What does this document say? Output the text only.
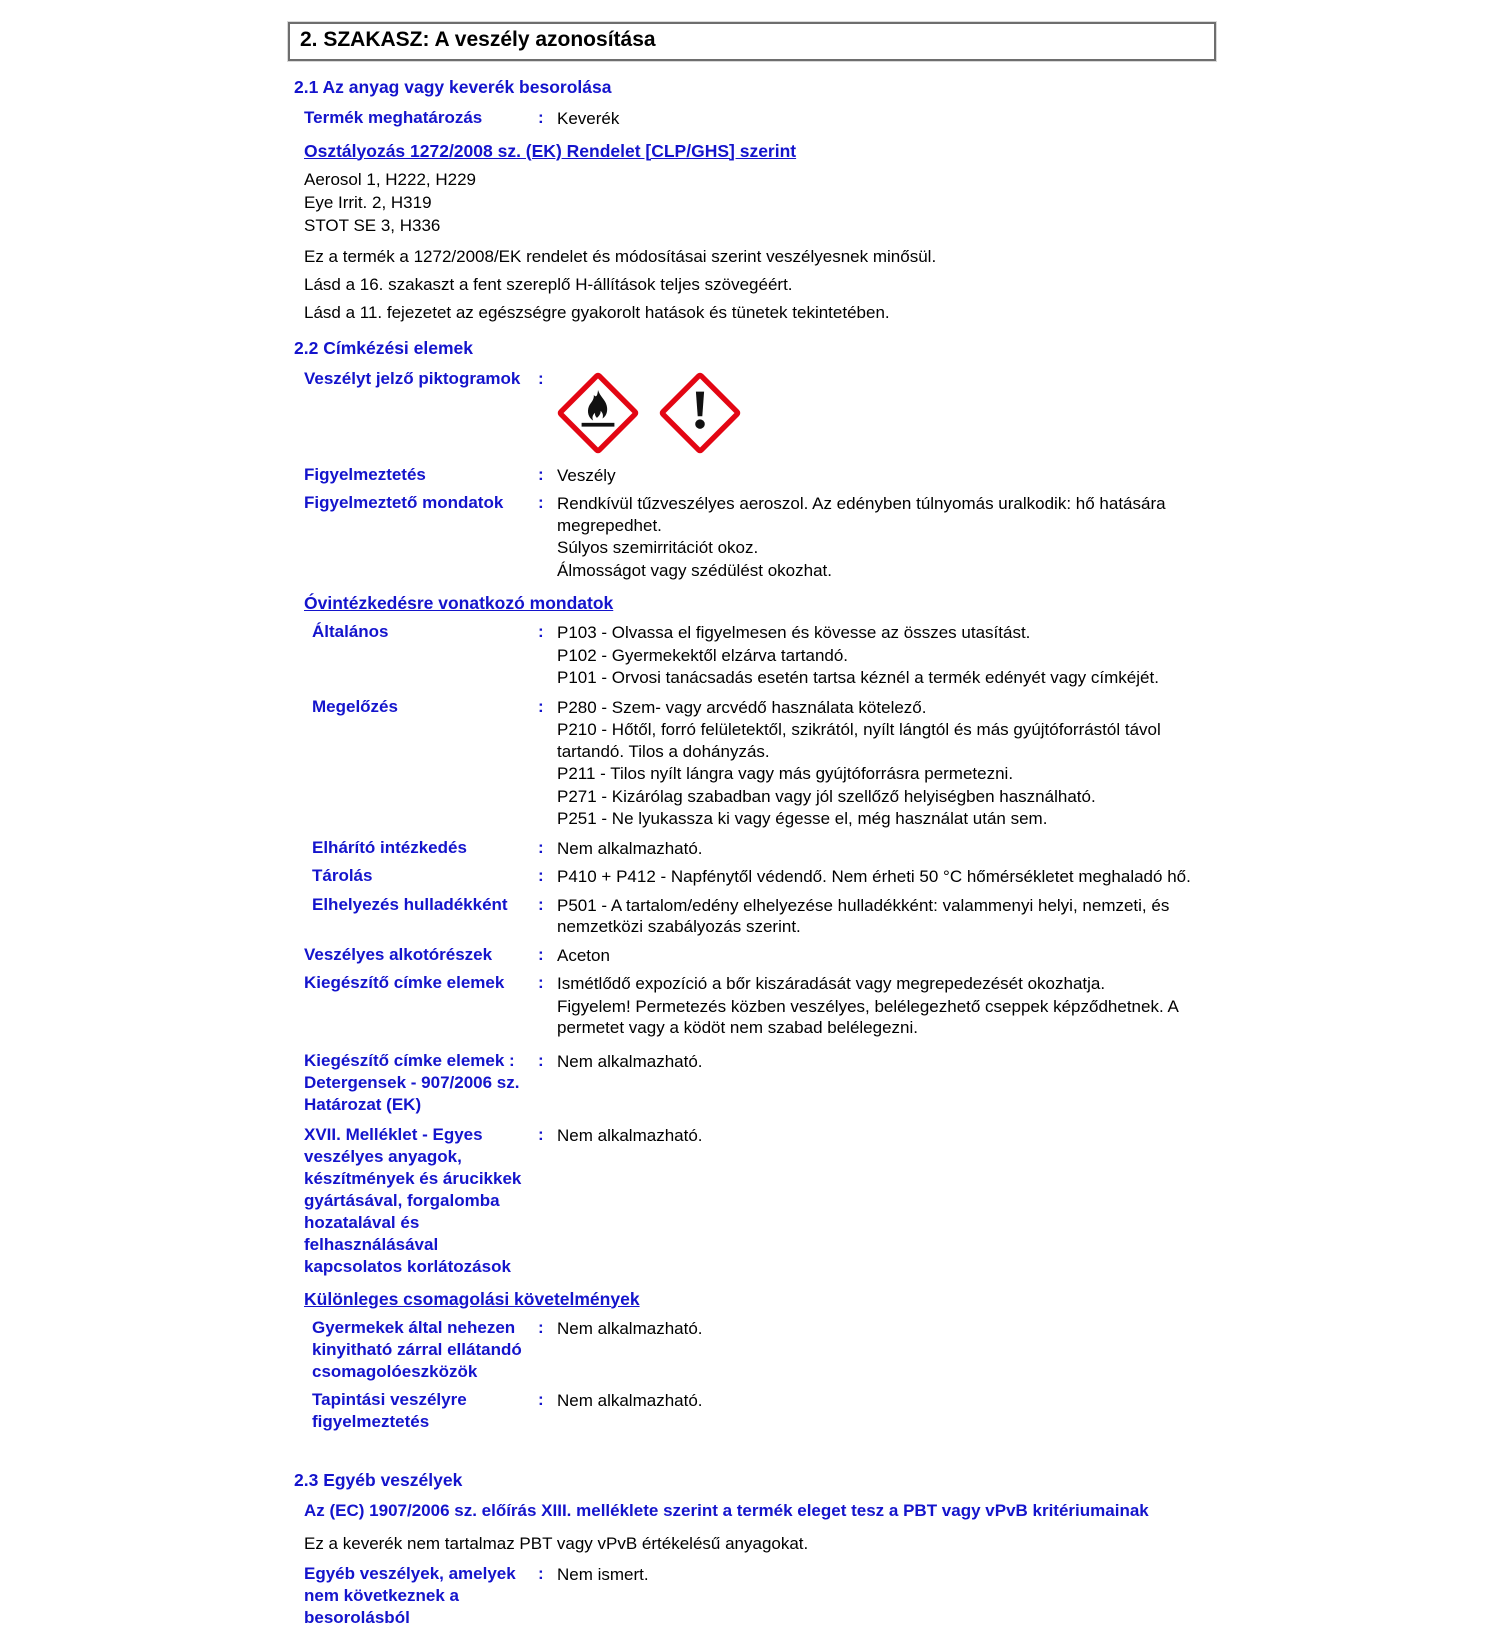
2. SZAKASZ: A veszély azonosítása
2.1 Az anyag vagy keverék besorolása
Termék meghatározás	: Keverék
Osztályozás 1272/2008 sz. (EK) Rendelet [CLP/GHS] szerint
Aerosol 1, H222, H229
Eye Irrit. 2, H319
STOT SE 3, H336
Ez a termék a 1272/2008/EK rendelet és módosításai szerint veszélyesnek minősül.
Lásd a 16. szakaszt a fent szereplő H-állítások teljes szövegéért.
Lásd a 11. fejezetet az egészségre gyakorolt hatások és tünetek tekintetében.
2.2 Címkézési elemek
Veszélyt jelző piktogramok	:
Figyelmeztetés	: Veszély
Figyelmeztető mondatok	: Rendkívül tűzveszélyes aeroszol. Az edényben túlnyomás uralkodik: hő hatására megrepedhet.
Súlyos szemirritációt okoz.
Álmosságot vagy szédülést okozhat.
Óvintézkedésre vonatkozó mondatok
Általános	: P103 - Olvassa el figyelmesen és kövesse az összes utasítást.
P102 - Gyermekektől elzárva tartandó.
P101 - Orvosi tanácsadás esetén tartsa kéznél a termék edényét vagy címkéjét.
Megelőzés	: P280 - Szem- vagy arcvédő használata kötelező.
P210 - Hőtől, forró felületektől, szikrától, nyílt lángtól és más gyújtóforrástól távol tartandó. Tilos a dohányzás.
P211 - Tilos nyílt lángra vagy más gyújtóforrásra permetezni.
P271 - Kizárólag szabadban vagy jól szellőző helyiségben használható.
P251 - Ne lyukassza ki vagy égesse el, még használat után sem.
Elhárító intézkedés	: Nem alkalmazható.
Tárolás	: P410 + P412 - Napfénytől védendő. Nem érheti 50 °C hőmérsékletet meghaladó hő.
Elhelyezés hulladékként	: P501 - A tartalom/edény elhelyezése hulladékként: valammenyi helyi, nemzeti, és nemzetközi szabályozás szerint.
Veszélyes alkotórészek	: Aceton
Kiegészítő címke elemek	: Ismétlődő expozíció a bőr kiszáradását vagy megrepedezését okozhatja.
Figyelem! Permetezés közben veszélyes, belélegezhető cseppek képződhetnek. A permetet vagy a ködöt nem szabad belélegezni.
Kiegészítő címke elemek : Detergensek - 907/2006 sz. Határozat (EK)
: Nem alkalmazható.
XVII. Melléklet - Egyes veszélyes anyagok, készítmények és árucikkek gyártásával, forgalomba hozatalával és felhasználásával kapcsolatos korlátozások
: Nem alkalmazható.
Különleges csomagolási követelmények
Gyermekek által nehezen kinyitható zárral ellátandó csomagolóeszközök
: Nem alkalmazható.
Tapintási veszélyre figyelmeztetés
: Nem alkalmazható.
2.3 Egyéb veszélyek
Az (EC) 1907/2006 sz. előírás XIII. melléklete szerint a termék eleget tesz a PBT vagy vPvB kritériumainak
Ez a keverék nem tartalmaz PBT vagy vPvB értékelésű anyagokat.
Egyéb veszélyek, amelyek nem következnek a besorolásból
: Nem ismert.
